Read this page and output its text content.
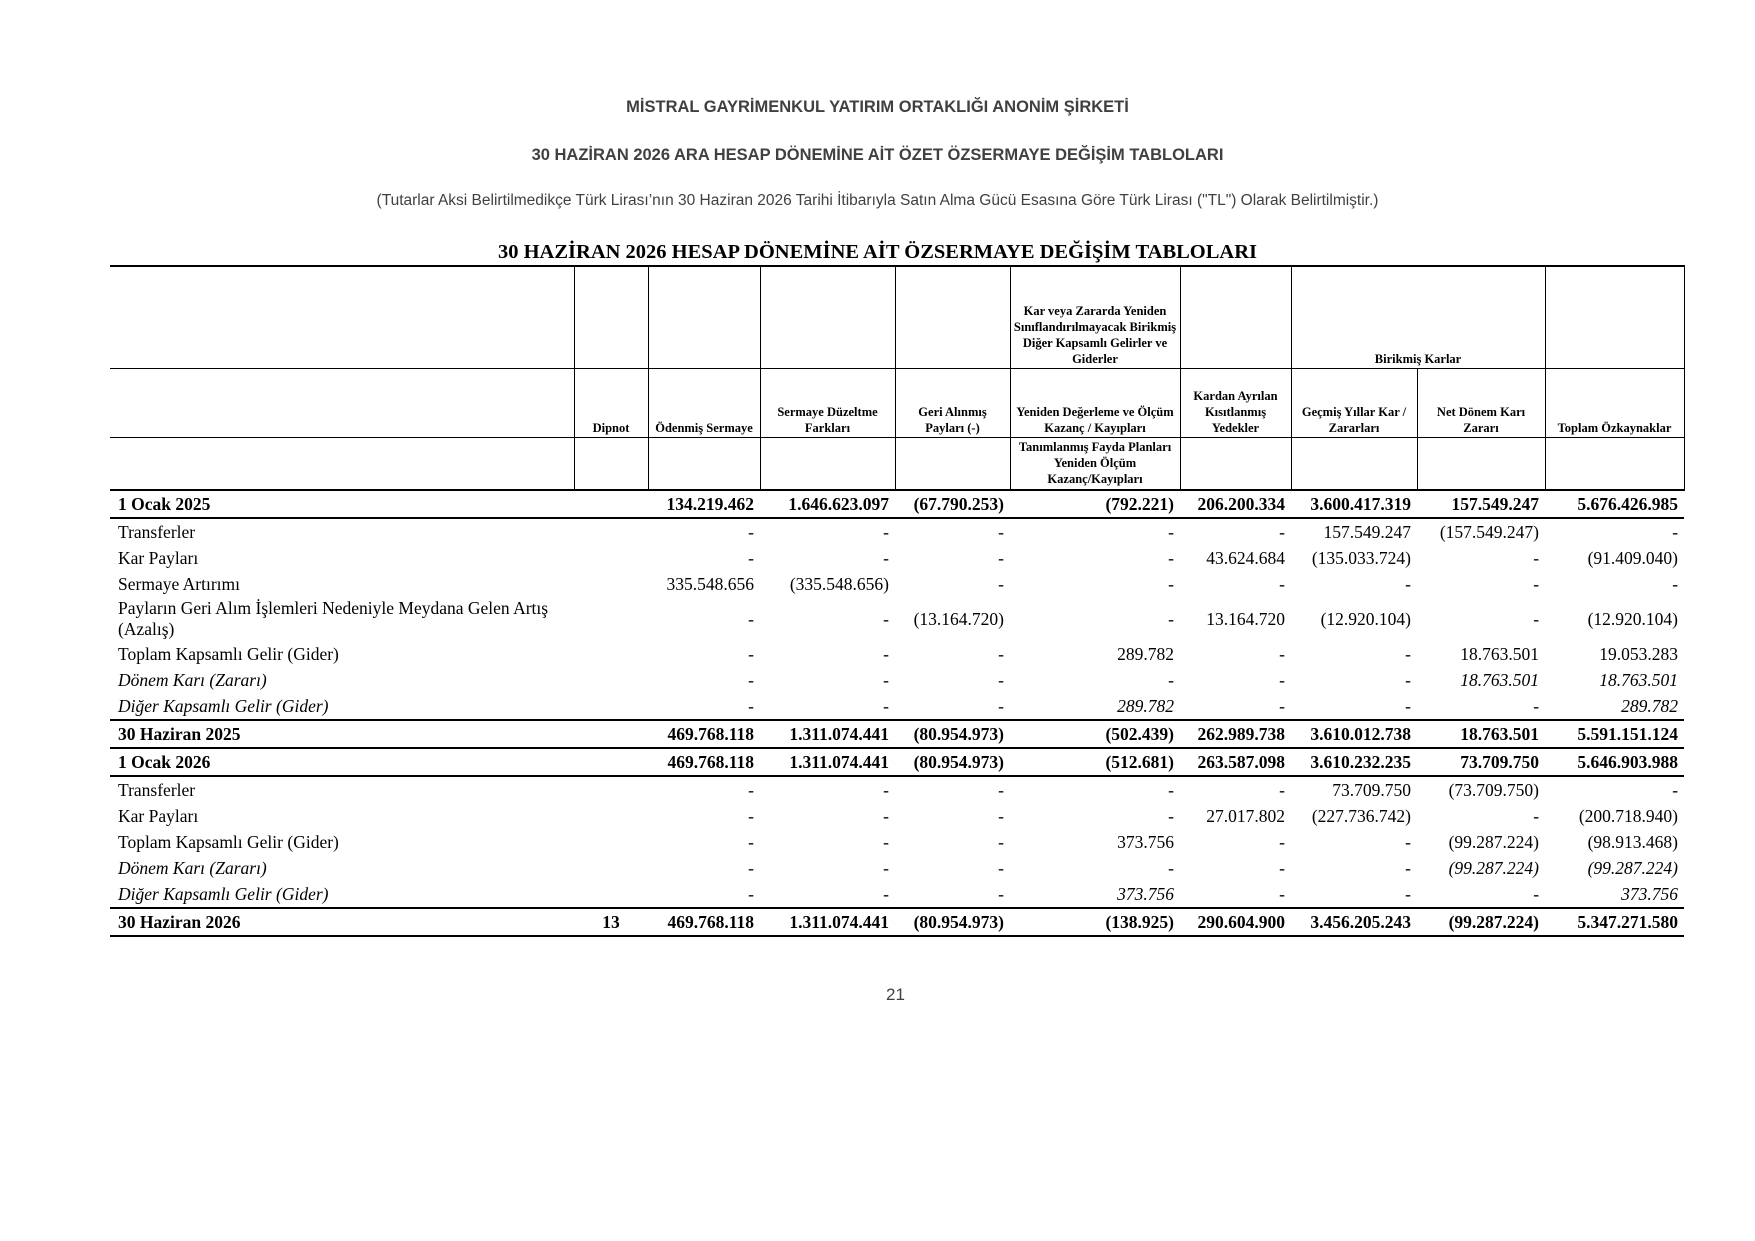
MİSTRAL GAYRİMENKUL YATIRIM ORTAKLIĞI ANONİM ŞİRKETİ
30 HAZİRAN 2026 ARA HESAP DÖNEMİNE AİT ÖZET ÖZSERMAYE DEĞİŞİM TABLOLARI
(Tutarlar Aksi Belirtilmedikçe Türk Lirası’nın 30 Haziran 2026 Tarihi İtibarıyla Satın Alma Gücü Esasına Göre Türk Lirası ("TL") Olarak Belirtilmiştir.)
30 HAZİRAN 2026 HESAP DÖNEMİNE AİT ÖZSERMAYE DEĞİŞİM TABLOLARI
					Kar veya Zararda Yeniden Sınıflandırılmayacak Birikmiş Diğer Kapsamlı Gelirler ve Giderler		Birikmiş Karlar		
	Dipnot	Ödenmiş Sermaye	Sermaye Düzeltme Farkları	Geri Alınmış Payları (-)	Yeniden Değerleme ve Ölçüm Kazanç / Kayıpları	Kardan Ayrılan Kısıtlanmış Yedekler	Geçmiş Yıllar Kar / Zararları	Net Dönem Karı Zararı	Toplam Özkaynaklar
					Tanımlanmış Fayda Planları Yeniden Ölçüm Kazanç/Kayıpları				
1 Ocak 2025		134.219.462	1.646.623.097	(67.790.253)	(792.221)	206.200.334	3.600.417.319	157.549.247	5.676.426.985
Transferler		-	-	-	-	-	157.549.247	(157.549.247)	-
Kar Payları		-	-	-	-	43.624.684	(135.033.724)	-	(91.409.040)
Sermaye Artırımı		335.548.656	(335.548.656)	-	-	-	-	-	-
Payların Geri Alım İşlemleri Nedeniyle Meydana Gelen Artış (Azalış)		-	-	(13.164.720)	-	13.164.720	(12.920.104)	-	(12.920.104)
Toplam Kapsamlı Gelir (Gider)		-	-	-	289.782	-	-	18.763.501	19.053.283
Dönem Karı (Zararı)		-	-	-	-	-	-	18.763.501	18.763.501
Diğer Kapsamlı Gelir (Gider)		-	-	-	289.782	-	-	-	289.782
30 Haziran 2025		469.768.118	1.311.074.441	(80.954.973)	(502.439)	262.989.738	3.610.012.738	18.763.501	5.591.151.124
1 Ocak 2026		469.768.118	1.311.074.441	(80.954.973)	(512.681)	263.587.098	3.610.232.235	73.709.750	5.646.903.988
Transferler		-	-	-	-	-	73.709.750	(73.709.750)	-
Kar Payları		-	-	-	-	27.017.802	(227.736.742)	-	(200.718.940)
Toplam Kapsamlı Gelir (Gider)		-	-	-	373.756	-	-	(99.287.224)	(98.913.468)
Dönem Karı (Zararı)		-	-	-	-	-	-	(99.287.224)	(99.287.224)
Diğer Kapsamlı Gelir (Gider)		-	-	-	373.756	-	-	-	373.756
30 Haziran 2026	13	469.768.118	1.311.074.441	(80.954.973)	(138.925)	290.604.900	3.456.205.243	(99.287.224)	5.347.271.580
21
